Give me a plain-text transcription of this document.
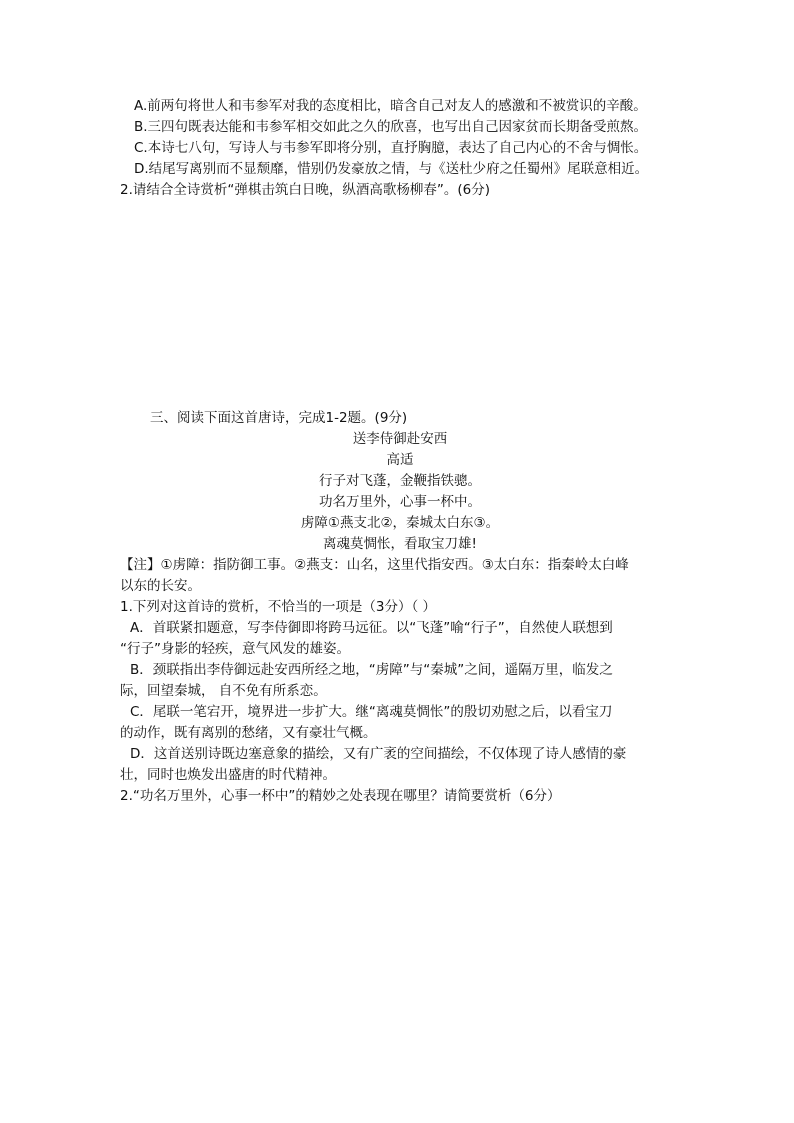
A.前两句将世人和韦参军对我的态度相比，暗含自己对友人的感激和不被赏识的辛酸。
B.三四句既表达能和韦参军相交如此之久的欣喜，也写出自己因家贫而长期备受煎熬。
C.本诗七八句，写诗人与韦参军即将分别，直抒胸臆，表达了自己内心的不舍与惆怅。
D.结尾写离别而不显颓靡，惜别仍发豪放之情，与《送杜少府之任蜀州》尾联意相近。
2.请结合全诗赏析“弹棋击筑白日晚，纵酒高歌杨柳春”。(6分)
三、阅读下面这首唐诗，完成1-2题。(9分)
送李侍御赴安西
高适
行子对飞蓬，金鞭指铁骢。
功名万里外，心事一杯中。
虏障①燕支北②，秦城太白东③。
离魂莫惆怅，看取宝刀雄!
【注】①虏障：指防御工事。②燕支：山名，这里代指安西。③太白东：指秦岭太白峰
以东的长安。
1.下列对这首诗的赏析，不恰当的一项是（3分）（ ）
A．首联紧扣题意，写李侍御即将跨马远征。以“飞蓬”喻“行子”，自然使人联想到
“行子”身影的轻疾，意气风发的雄姿。
B．颈联指出李侍御远赴安西所经之地，“虏障”与“秦城”之间，遥隔万里，临发之
际，回望秦城， 自不免有所系恋。
C．尾联一笔宕开，境界进一步扩大。继“离魂莫惆怅”的殷切劝慰之后，以看宝刀
的动作，既有离别的愁绪，又有豪壮气概。
D．这首送别诗既边塞意象的描绘，又有广袤的空间描绘，不仅体现了诗人感情的豪
壮，同时也焕发出盛唐的时代精神。
2.“功名万里外，心事一杯中”的精妙之处表现在哪里？请简要赏析（6分）
